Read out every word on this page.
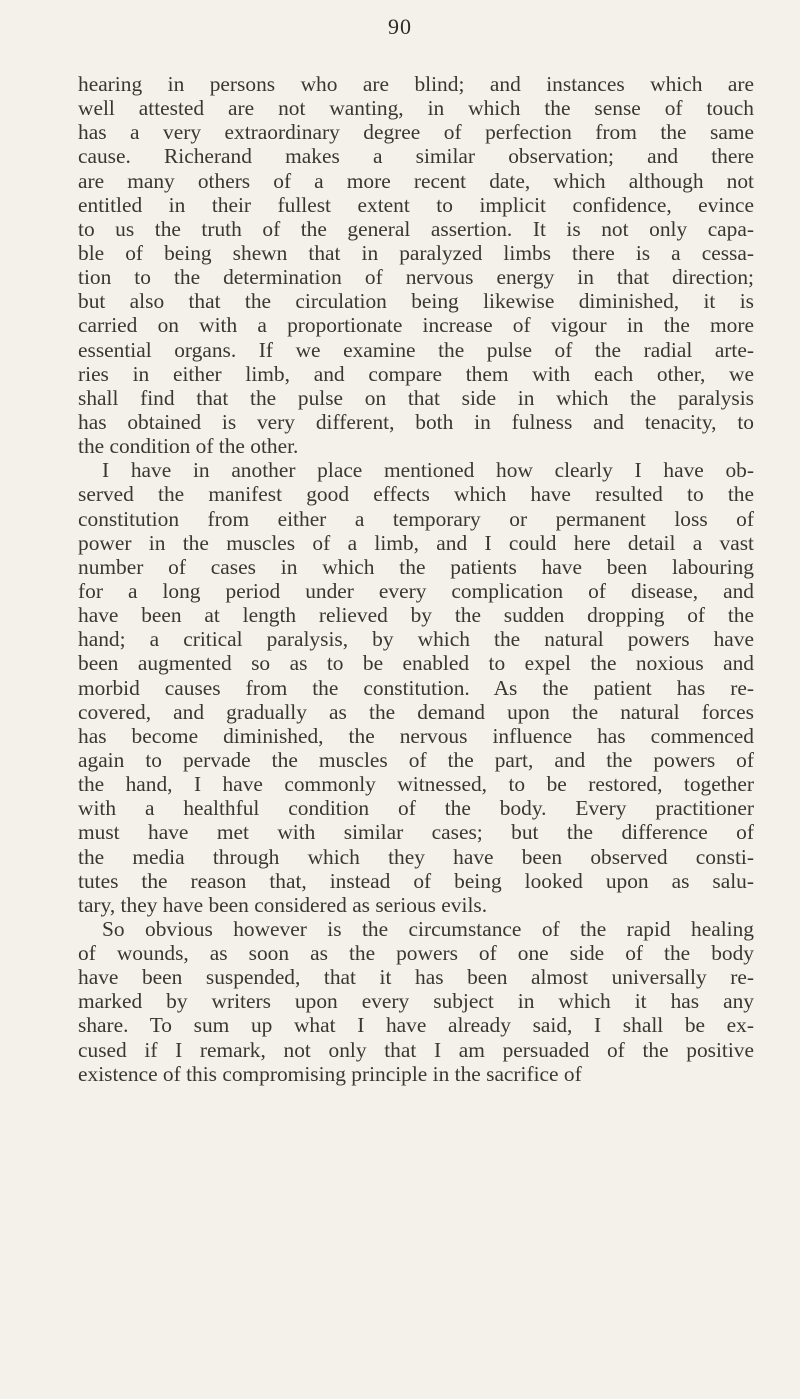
90
hearing in persons who are blind; and instances which are
well attested are not wanting, in which the sense of touch
has a very extraordinary degree of perfection from the same
cause. Richerand makes a similar observation; and there
are many others of a more recent date, which although not
entitled in their fullest extent to implicit confidence, evince
to us the truth of the general assertion. It is not only capa-
ble of being shewn that in paralyzed limbs there is a cessa-
tion to the determination of nervous energy in that direction;
but also that the circulation being likewise diminished, it is
carried on with a proportionate increase of vigour in the more
essential organs. If we examine the pulse of the radial arte-
ries in either limb, and compare them with each other, we
shall find that the pulse on that side in which the paralysis
has obtained is very different, both in fulness and tenacity, to
the condition of the other.
I have in another place mentioned how clearly I have ob-
served the manifest good effects which have resulted to the
constitution from either a temporary or permanent loss of
power in the muscles of a limb, and I could here detail a vast
number of cases in which the patients have been labouring
for a long period under every complication of disease, and
have been at length relieved by the sudden dropping of the
hand; a critical paralysis, by which the natural powers have
been augmented so as to be enabled to expel the noxious and
morbid causes from the constitution. As the patient has re-
covered, and gradually as the demand upon the natural forces
has become diminished, the nervous influence has commenced
again to pervade the muscles of the part, and the powers of
the hand, I have commonly witnessed, to be restored, together
with a healthful condition of the body. Every practitioner
must have met with similar cases; but the difference of
the media through which they have been observed consti-
tutes the reason that, instead of being looked upon as salu-
tary, they have been considered as serious evils.
So obvious however is the circumstance of the rapid healing
of wounds, as soon as the powers of one side of the body
have been suspended, that it has been almost universally re-
marked by writers upon every subject in which it has any
share. To sum up what I have already said, I shall be ex-
cused if I remark, not only that I am persuaded of the positive
existence of this compromising principle in the sacrifice of
